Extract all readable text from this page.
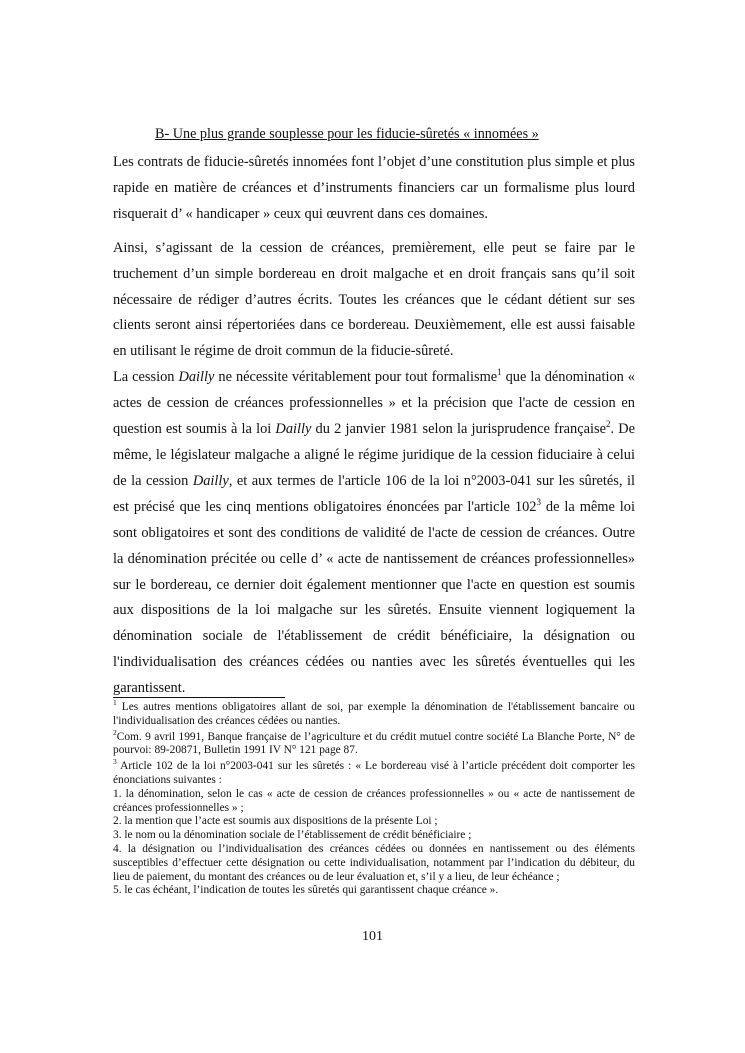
B- Une plus grande souplesse pour les fiducie-sûretés « innomées »

Les contrats de fiducie-sûretés innomées font l’objet d’une constitution plus simple et plus rapide en matière de créances et d’instruments financiers car un formalisme plus lourd risquerait d’ « handicaper » ceux qui œuvrent dans ces domaines.

Ainsi, s’agissant de la cession de créances, premièrement, elle peut se faire par le truchement d’un simple bordereau en droit malgache et en droit français sans qu’il soit nécessaire de rédiger d’autres écrits. Toutes les créances que le cédant détient sur ses clients seront ainsi répertoriées dans ce bordereau. Deuxièmement, elle est aussi faisable en utilisant le régime de droit commun de la fiducie-sûreté.

La cession Dailly ne nécessite véritablement pour tout formalisme$^1$ que la dénomination « actes de cession de créances professionnelles » et la précision que l'acte de cession en question est soumis à la loi Dailly du 2 janvier 1981 selon la jurisprudence française$^2$. De même, le législateur malgache a aligné le régime juridique de la cession fiduciaire à celui de la cession Dailly, et aux termes de l'article 106 de la loi n°2003-041 sur les sûretés, il est précisé que les cinq mentions obligatoires énoncées par l'article $102^3$ de la même loi sont obligatoires et sont des conditions de validité de l'acte de cession de créances. Outre la dénomination précitée ou celle d’ « acte de nantissement de créances professionnelles» sur le bordereau, ce dernier doit également mentionner que l'acte en question est soumis aux dispositions de la loi malgache sur les sûretés. Ensuite viennent logiquement la dénomination sociale de l'établissement de crédit bénéficiaire, la désignation ou l'individualisation des créances cédées ou nanties avec les sûretés éventuelles qui les garantissent.

$^1$ Les autres mentions obligatoires allant de soi, par exemple la dénomination de l'établissement bancaire ou l'individualisation des créances cédées ou nanties.
$^2$Com. 9 avril 1991, Banque française de l’agriculture et du crédit mutuel contre société La Blanche Porte, N° de pourvoi: 89-20871, Bulletin 1991 IV N° 121 page 87.
$^3$ Article 102 de la loi n°2003-041 sur les sûretés : « Le bordereau visé à l’article précédent doit comporter les énonciations suivantes :
1. la dénomination, selon le cas « acte de cession de créances professionnelles » ou « acte de nantissement de créances professionnelles » ;
2. la mention que l’acte est soumis aux dispositions de la présente Loi ;
3. le nom ou la dénomination sociale de l’établissement de crédit bénéficiaire ;
4. la désignation ou l’individualisation des créances cédées ou données en nantissement ou des éléments susceptibles d’effectuer cette désignation ou cette individualisation, notamment par l’indication du débiteur, du lieu de paiement, du montant des créances ou de leur évaluation et, s’il y a lieu, de leur échéance ;
5. le cas échéant, l’indication de toutes les sûretés qui garantissent chaque créance ».
101
